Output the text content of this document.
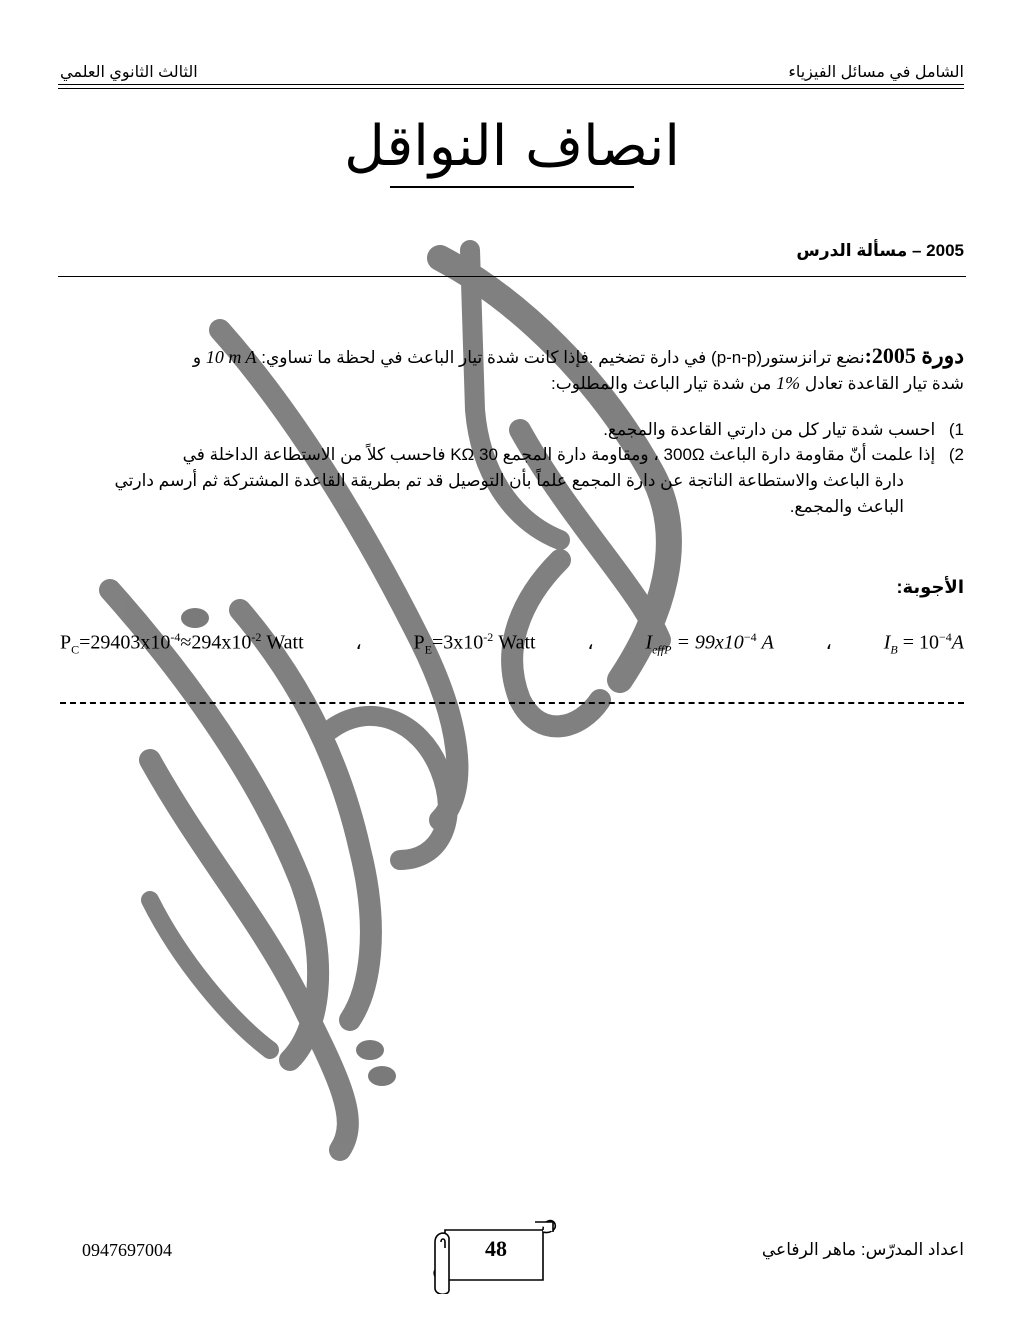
الشامل في مسائل الفيزياء
الثالث الثانوي العلمي
انصاف النواقل
2005 – مسألة الدرس
دورة 2005:نضع ترانزستور(p-n-p) في دارة تضخيم .فإذا كانت شدة تيار الباعث في لحظة ما تساوي: 10 m A و
شدة تيار القاعدة تعادل 1% من شدة تيار الباعث والمطلوب:
1) احسب شدة تيار كل من دارتي القاعدة والمجمع.
2) إذا علمت أنّ مقاومة دارة الباعث 300Ω ، ومقاومة دارة المجمع 30 KΩ فاحسب كلاً من الاستطاعة الداخلة في
دارة الباعث والاستطاعة الناتجة عن دارة المجمع علماً بأن التوصيل قد تم بطريقة القاعدة المشتركة ثم أرسم دارتي
الباعث والمجمع.
الأجوبة:
$P_C=29403x10^{-4}\approx 294x10^{-2}$ Watt	،	$P_E=3x10^{-2}$ Watt	،	$I_{effP} = 99x10^{-4}$ A	،	$I_B = 10^{-4}A$
اعداد المدرّس: ماهر الرفاعي
0947697004	48
